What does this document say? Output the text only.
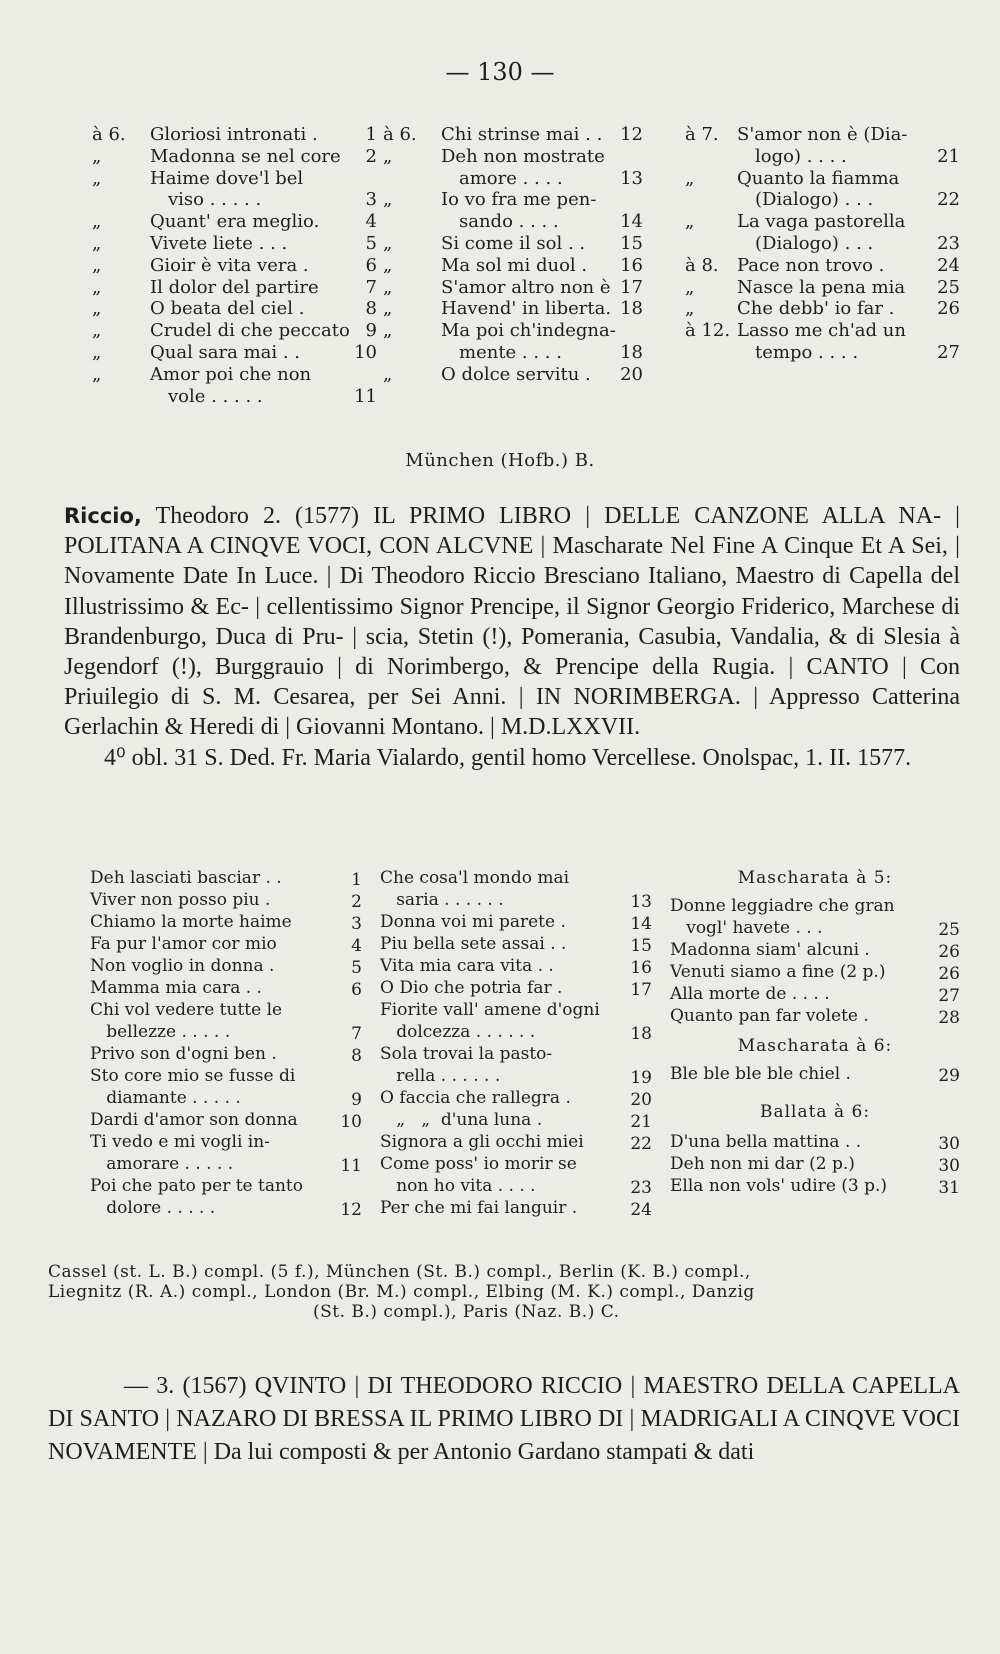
— 130 —
à 6. Gloriosi intronati .	1
„	Madonna se nel core	2
„	Haime dove'l bel
viso . . . . .	3
„	Quant' era meglio.	4
„	Vivete liete . . .	5
„	Gioir è vita vera .	6
„	Il dolor del partire	7
„	O beata del ciel .	8
„	Crudel di che peccato 9
„	Qual sara mai . .	10
„	Amor poi che non
vole . . . . .	11
à 6. Chi strinse mai . . 12
„	Deh non mostrate
amore . . . .	13
„	Io vo fra me pen-
sando . . . .	14
„	Si come il sol . . 15
„	Ma sol mi duol . 16
„	S'amor altro non è 17
„	Havend' in liberta. 18
„	Ma poi ch'indegna-
mente . . . .	18
„	O dolce servitu . 20
à 7. S'amor non è (Dia-
logo) . . . .	21
„ Quanto la fiamma
(Dialogo) . . .	22
„ La vaga pastorella
(Dialogo) . . .	23
à 8. Pace non trovo .	24
„ Nasce la pena mia 25
„ Che debb' io far . 26
à 12. Lasso me ch'ad un
tempo . . . .	27
München (Hofb.) B.

Riccio, Theodoro 2. (1577) IL PRIMO LIBRO | DELLE CANZONE ALLA NA- | POLITANA A CINQVE VOCI, CON ALCVNE | Mascharate Nel Fine A Cinque Et A Sei, | Novamente Date In Luce. | Di Theodoro Riccio Bresciano Italiano, Maestro di Capella del Illustrissimo & Ec- | cellentissimo Signor Prencipe, il Signor Georgio Friderico, Marchese di Brandenburgo, Duca di Pru- | scia, Stetin (!), Pomerania, Casubia, Vandalia, & di Slesia à Jegendorf (!), Burggrauio | di Norimbergo, & Prencipe della Rugia. | CANTO | Con Priuilegio di S. M. Cesarea, per Sei Anni. | IN NORIMBERGA. | Appresso Catterina Gerlachin & Heredi di | Giovanni Montano. | M.D.LXXVII.

4⁰ obl. 31 S. Ded. Fr. Maria Vialardo, gentil homo Vercellese. Onolspac, 1. II. 1577.

Deh lasciati basciar . .	1
Viver non posso piu .	2
Chiamo la morte haime	3
Fa pur l'amor cor mio	4
Non voglio in donna .	5
Mamma mia cara . .	6
Chi vol vedere tutte le
bellezze . . . . .	7
Privo son d'ogni ben .	8
Sto core mio se fusse di
diamante . . . . .	9
Dardi d'amor son donna	10
Ti vedo e mi vogli in-
amorare . . . . .	11
Poi che pato per te tanto
dolore . . . . .	12
Che cosa'l mondo mai
saria . . . . . .	13
Donna voi mi parete .	14
Piu bella sete assai . .	15
Vita mia cara vita . .	16
O Dio che potria far .	17
Fiorite vall' amene d'ogni
dolcezza . . . . . .	18
Sola trovai la pasto-
rella . . . . . .	19
O faccia che rallegra .	20
„   „  d'una luna .	21
Signora a gli occhi miei	22
Come poss' io morir se
non ho vita . . . .	23
Per che mi fai languir .	24
Mascharata à 5:
Donne leggiadre che gran
vogl' havete . . .	25
Madonna siam' alcuni .	26
Venuti siamo a fine (2 p.)	26
Alla morte de . . . .	27
Quanto pan far volete .	28
Mascharata à 6:
Ble ble ble ble chiel .	29
Ballata à 6:
D'una bella mattina . .	30
Deh non mi dar (2 p.)	30
Ella non vols' udire (3 p.)	31
Cassel (st. L. B.) compl. (5 f.), München (St. B.) compl., Berlin (K. B.) compl.,
Liegnitz (R. A.) compl., London (Br. M.) compl., Elbing (M. K.) compl., Danzig
(St. B.) compl.), Paris (Naz. B.) C.
— 3. (1567) QVINTO | DI THEODORO RICCIO | MAESTRO DELLA CAPELLA DI SANTO | NAZARO DI BRESSA IL PRIMO LIBRO DI | MADRIGALI A CINQVE VOCI NOVAMENTE | Da lui composti & per Antonio Gardano stampati & dati
